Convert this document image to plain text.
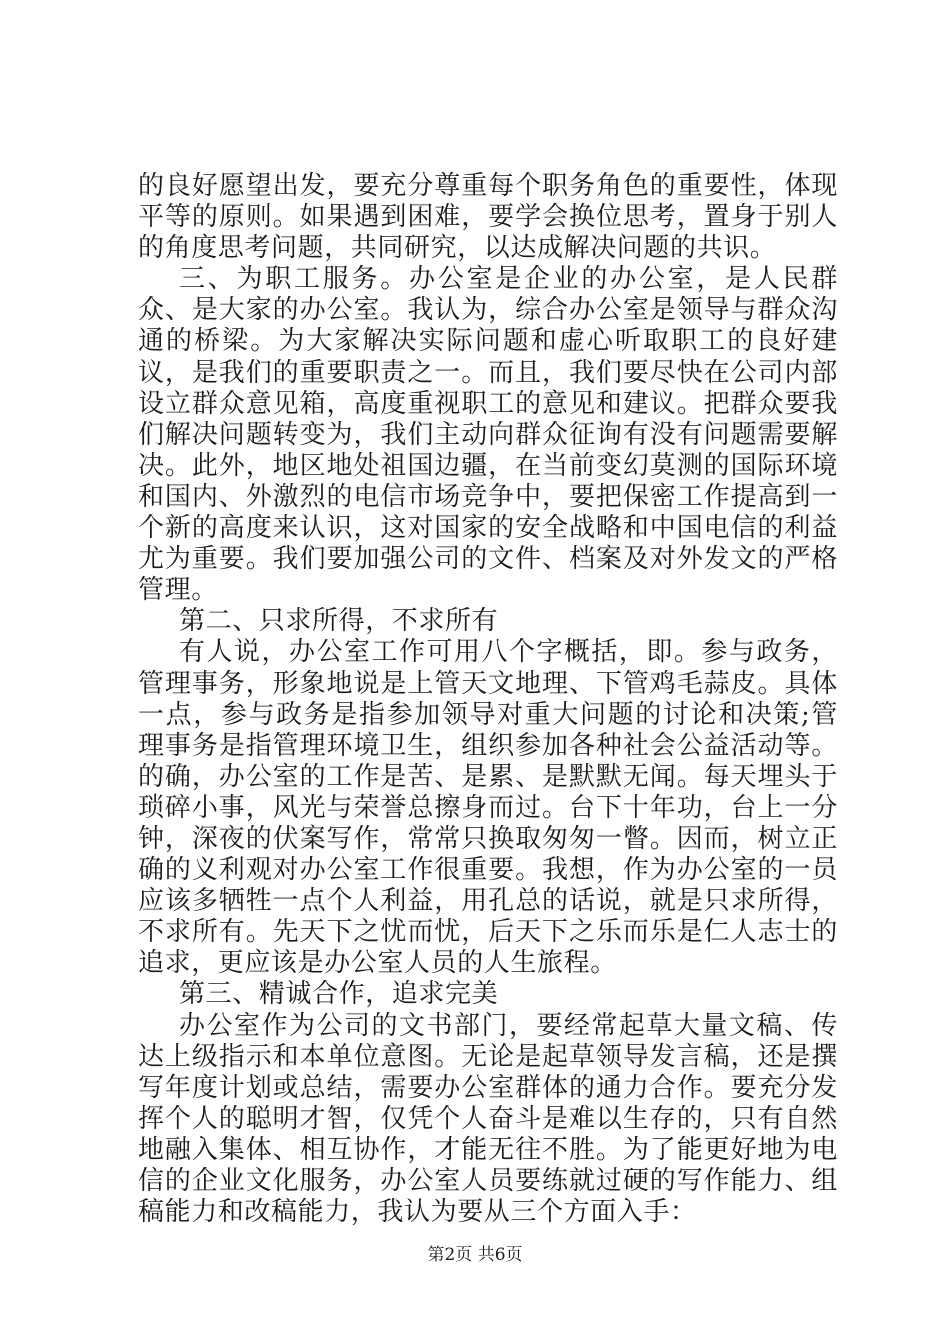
的良好愿望出发，要充分尊重每个职务角色的重要性，体现平等的原则。如果遇到困难，要学会换位思考，置身于别人的角度思考问题，共同研究，以达成解决问题的共识。

三、为职工服务。办公室是企业的办公室，是人民群众、是大家的办公室。我认为，综合办公室是领导与群众沟通的桥梁。为大家解决实际问题和虚心听取职工的良好建议，是我们的重要职责之一。而且，我们要尽快在公司内部设立群众意见箱，高度重视职工的意见和建议。把群众要我们解决问题转变为，我们主动向群众征询有没有问题需要解决。此外，地区地处祖国边疆，在当前变幻莫测的国际环境和国内、外激烈的电信市场竞争中，要把保密工作提高到一个新的高度来认识，这对国家的安全战略和中国电信的利益尤为重要。我们要加强公司的文件、档案及对外发文的严格管理。

第二、只求所得，不求所有

有人说，办公室工作可用八个字概括，即。参与政务，管理事务，形象地说是上管天文地理、下管鸡毛蒜皮。具体一点，参与政务是指参加领导对重大问题的讨论和决策;管理事务是指管理环境卫生，组织参加各种社会公益活动等。的确，办公室的工作是苦、是累、是默默无闻。每天埋头于琐碎小事，风光与荣誉总擦身而过。台下十年功，台上一分钟，深夜的伏案写作，常常只换取匆匆一瞥。因而，树立正确的义利观对办公室工作很重要。我想，作为办公室的一员应该多牺牲一点个人利益，用孔总的话说，就是只求所得，不求所有。先天下之忧而忧，后天下之乐而乐是仁人志士的追求，更应该是办公室人员的人生旅程。

第三、精诚合作，追求完美

办公室作为公司的文书部门，要经常起草大量文稿、传达上级指示和本单位意图。无论是起草领导发言稿，还是撰写年度计划或总结，需要办公室群体的通力合作。要充分发挥个人的聪明才智，仅凭个人奋斗是难以生存的，只有自然地融入集体、相互协作，才能无往不胜。为了能更好地为电信的企业文化服务，办公室人员要练就过硬的写作能力、组稿能力和改稿能力，我认为要从三个方面入手：

第2页 共6页
